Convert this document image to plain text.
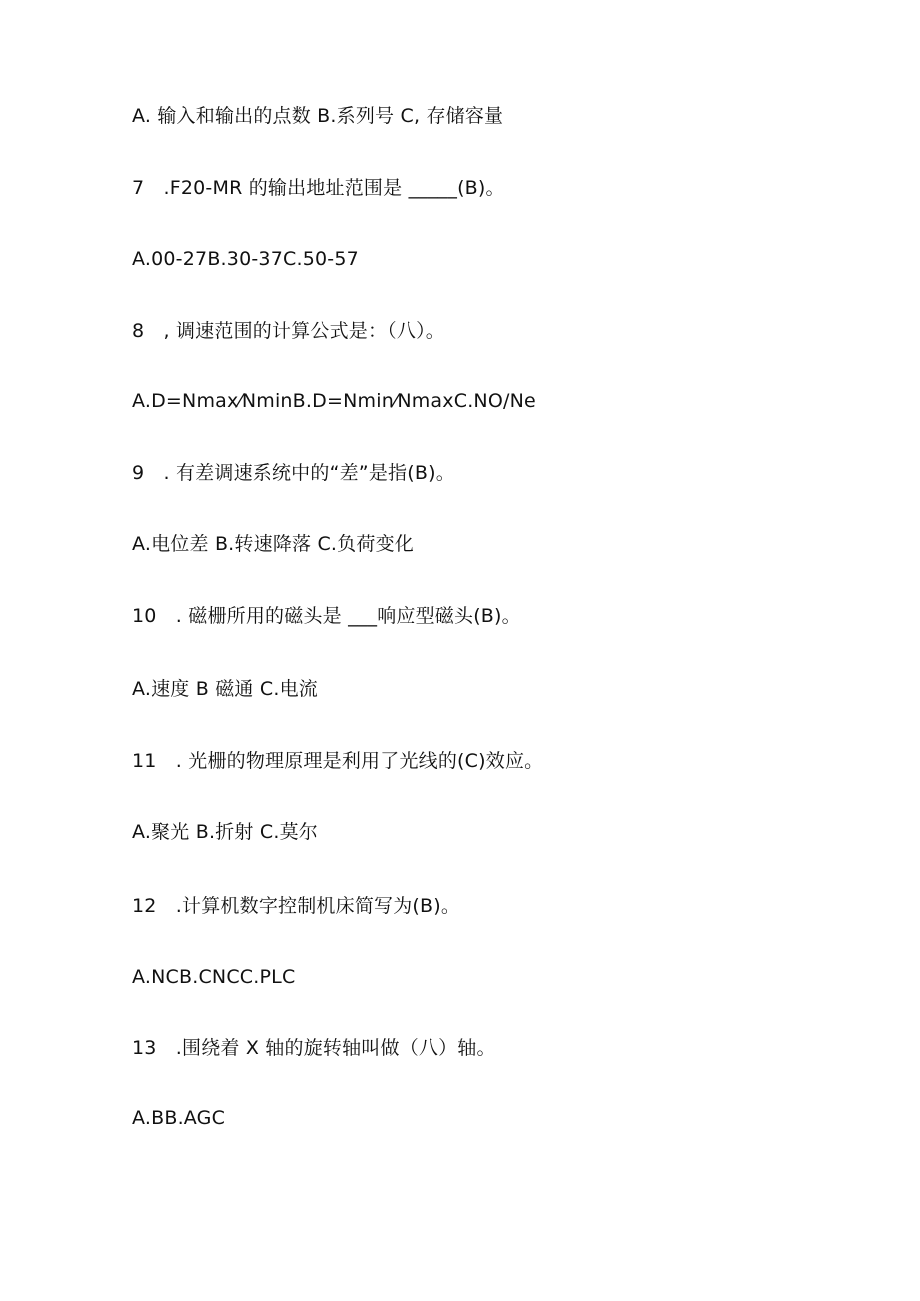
A. 输入和输出的点数 B.系列号 C, 存储容量
7　.F20-MR 的输出地址范围是 _____(B)。
A.00-27B.30-37C.50-57
8　, 调速范围的计算公式是：（八）。
A.D=Nmax⁄NminB.D=Nmin⁄NmaxC.NO/Ne
9　. 有差调速系统中的“差”是指(B)。
A.电位差 B.转速降落 C.负荷变化
10　. 磁栅所用的磁头是 ___响应型磁头(B)。
A.速度 B 磁通 C.电流
11　. 光栅的物理原理是利用了光线的(C)效应。
A.聚光 B.折射 C.莫尔
12　.计算机数字控制机床简写为(B)。
A.NCB.CNCC.PLC
13　.围绕着 X 轴的旋转轴叫做（八）轴。
A.BB.AGC
